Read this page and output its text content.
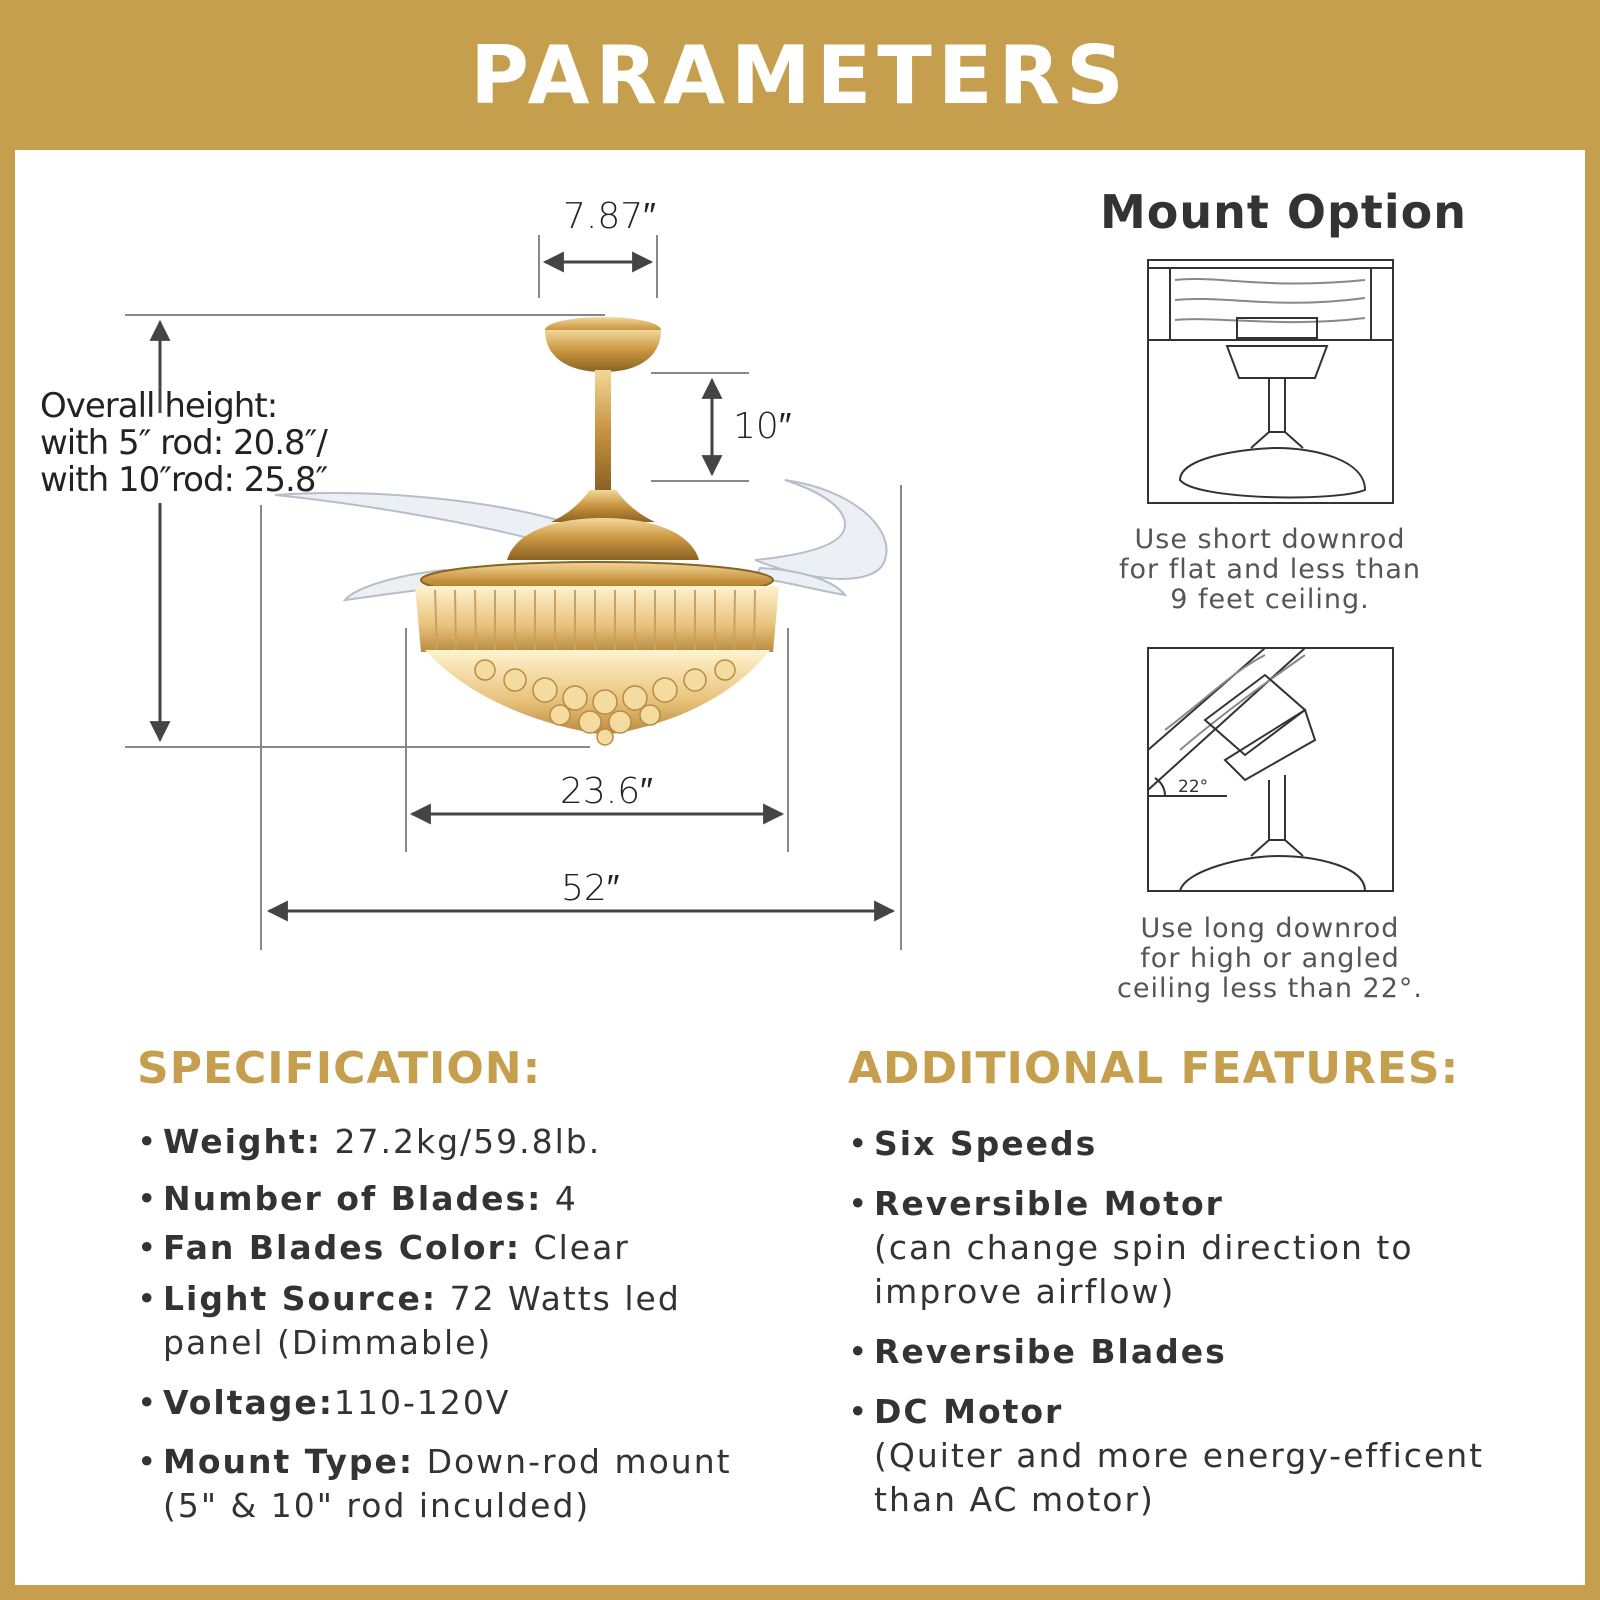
PARAMETERS
7.87″
10″
23.6″
52″
Overall height:
with 5″ rod: 20.8″/
with 10″rod: 25.8″
Mount Option
Use short downrod
for flat and less than
9 feet ceiling.
22°
Use long downrod
for high or angled
ceiling less than 22°.
SPECIFICATION:
• Weight: 27.2kg/59.8lb.
• Number of Blades: 4
• Fan Blades Color: Clear
• Light Source: 72 Watts led
panel (Dimmable)
• Voltage:110-120V
• Mount Type: Down-rod mount
(5" & 10" rod inculded)
ADDITIONAL FEATURES:
• Six Speeds
• Reversible Motor
(can change spin direction to
improve airflow)
• Reversibe Blades
• DC Motor
(Quiter and more energy-efficent
than AC motor)
